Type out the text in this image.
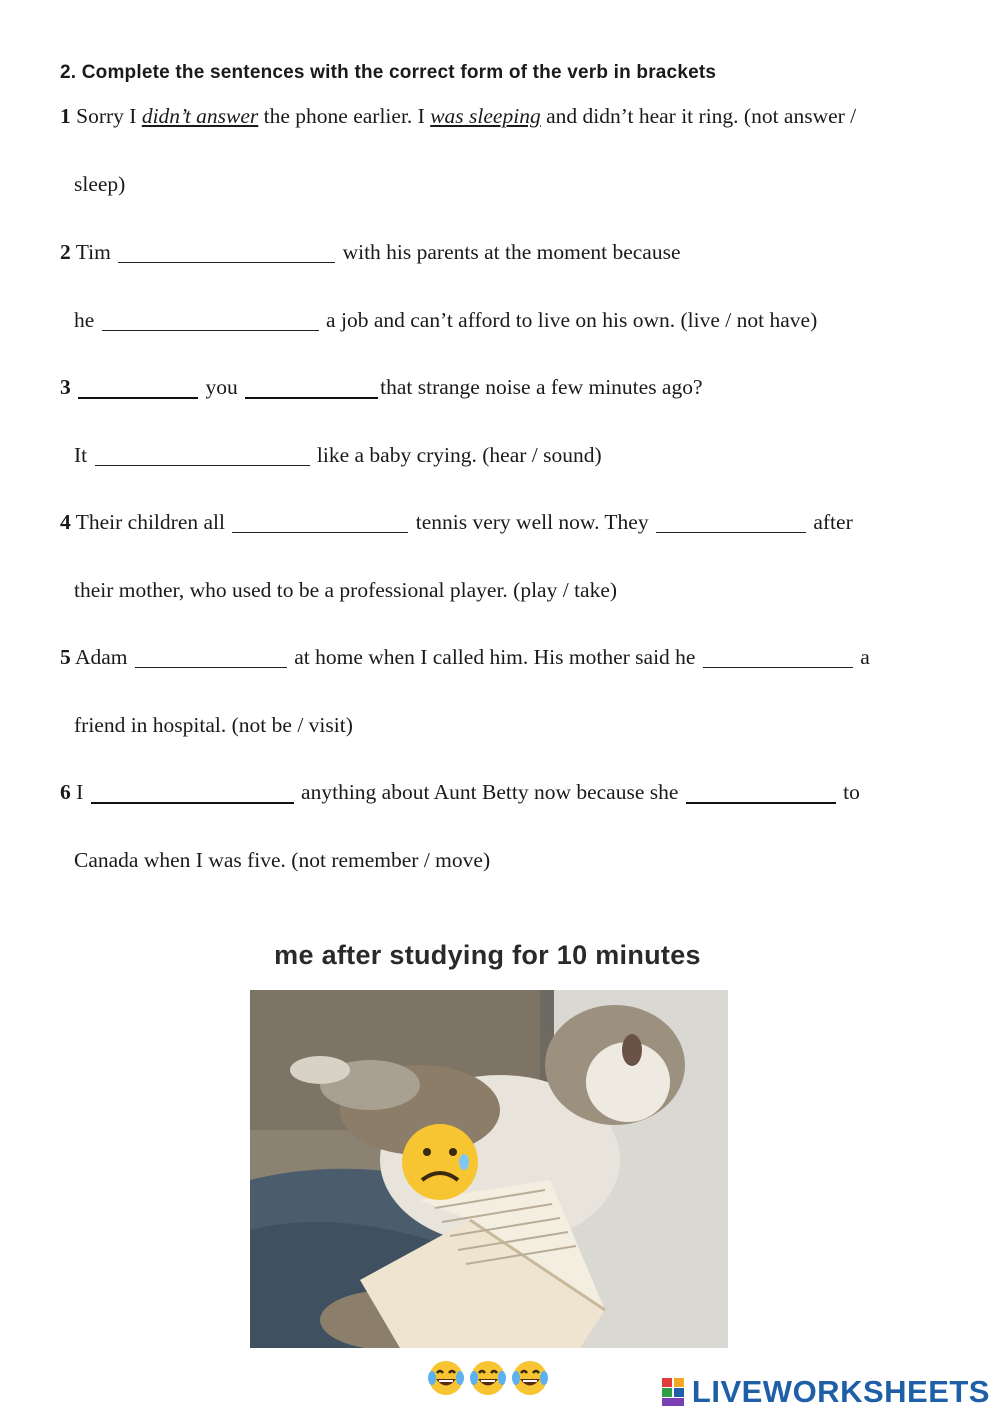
2. Complete the sentences with the correct form of the verb in brackets
1 Sorry I didn’t answer the phone earlier. I was sleeping and didn’t hear it ring. (not answer /
sleep)
2 Tim	with his parents at the moment because
he	a job and can’t afford to live on his own. (live / not have)
3	you	that strange noise a few minutes ago?
It	like a baby crying. (hear / sound)
4 Their children all	tennis very well now. They	after
their mother, who used to be a professional player. (play / take)
5 Adam	at home when I called him. His mother said he	a
friend in hospital. (not be / visit)
6 I	anything about Aunt Betty now because she	to
Canada when I was five. (not remember / move)
me after studying for 10 minutes
LIVEWORKSHEETS
